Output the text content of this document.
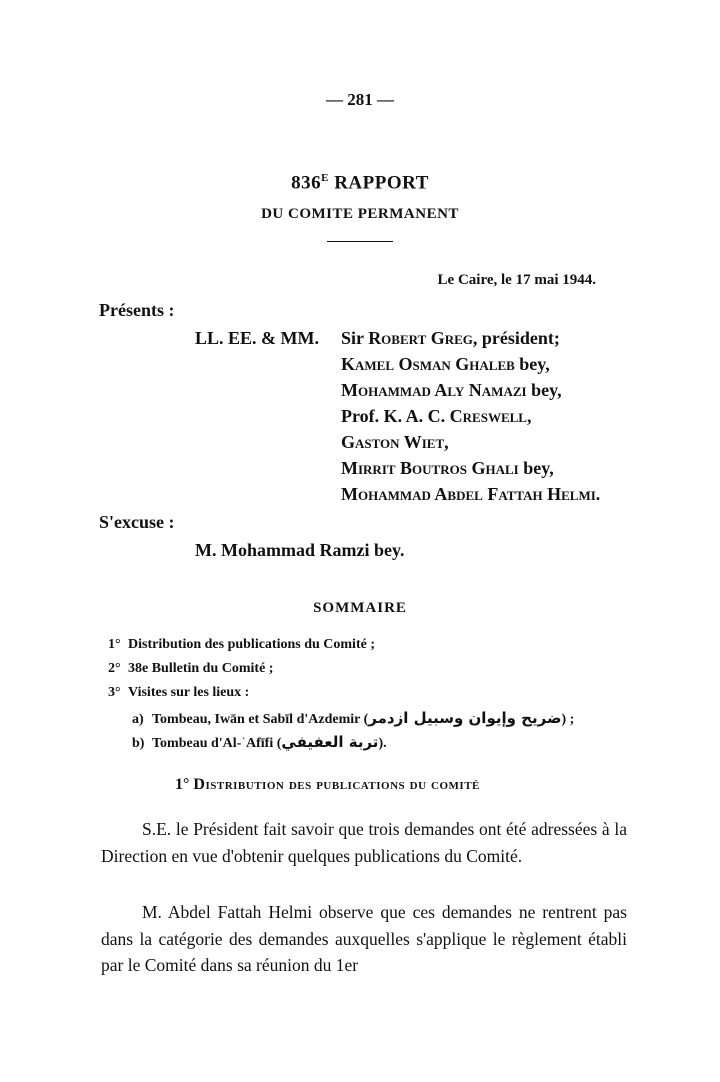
— 281 —
$836^E$ RAPPORT
DU COMITE PERMANENT
Le Caire, le 17 mai 1944.
Présents :
LL. EE. & MM. Sir Robert Greg, président;
Kamel Osman Ghaleb bey,
Mohammad Aly Namazi bey,
Prof. K. A. C. Creswell,
Gaston Wiet,
Mirrit Boutros Ghali bey,
Mohammad Abdel Fattah Helmi.
S'excuse :
M. Mohammad Ramzi bey.
SOMMAIRE
1° Distribution des publications du Comité ;
2° 38e Bulletin du Comité ;
3° Visites sur les lieux :
a) Tombeau, Iwān et Sabīl d'Azdemir (ضريح وإيوان وسبيل ازدمر) ;
b) Tombeau d'Al-ʿAfīfi (تربة العفيفي).
1° Distribution des publications du comité
S.E. le Président fait savoir que trois demandes ont été adressées à la Direction en vue d'obtenir quelques publications du Comité.
M. Abdel Fattah Helmi observe que ces demandes ne rentrent pas dans la catégorie des demandes auxquelles s'applique le règlement établi par le Comité dans sa réunion du 1er
